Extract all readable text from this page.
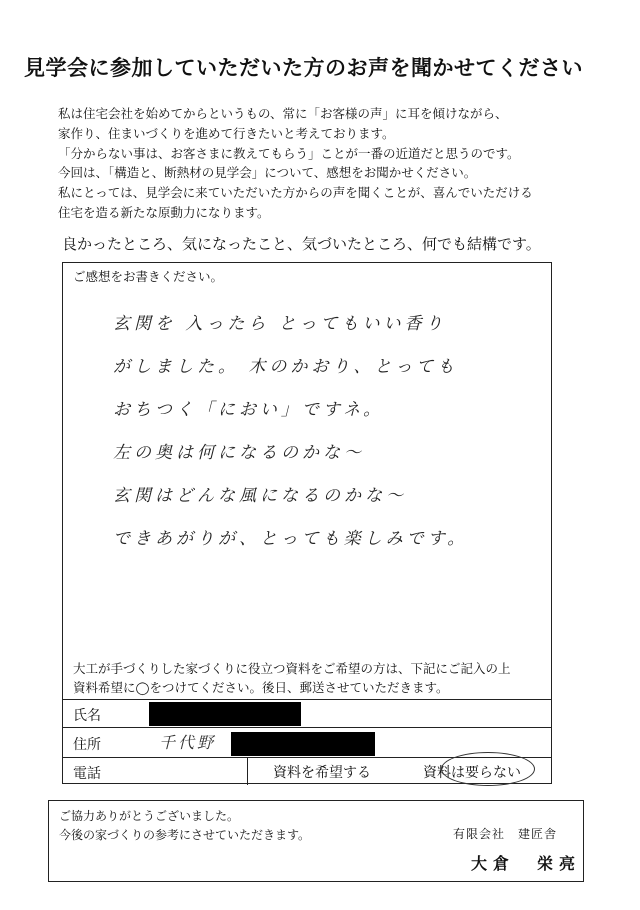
見学会に参加していただいた方のお声を聞かせてください
私は住宅会社を始めてからというもの、常に「お客様の声」に耳を傾けながら、
家作り、住まいづくりを進めて行きたいと考えております。
「分からない事は、お客さまに教えてもらう」ことが一番の近道だと思うのです。
今回は、「構造と、断熱材の見学会」について、感想をお聞かせください。
私にとっては、見学会に来ていただいた方からの声を聞くことが、喜んでいただける
住宅を造る新たな原動力になります。
良かったところ、気になったこと、気づいたところ、何でも結構です。
ご感想をお書きください。
玄関を 入ったら とってもいい香り
がしました。 木のかおり、とっても
おちつく「におい」ですネ。
左の奥は何になるのかな〜
玄関はどんな風になるのかな〜
できあがりが、とっても楽しみです。
大工が手づくりした家づくりに役立つ資料をご希望の方は、下記にご記入の上
資料希望に◯をつけてください。後日、郵送させていただきます。
氏名
住所	千代野
電話	資料を希望する	資料は要らない
ご協力ありがとうございました。
今後の家づくりの参考にさせていただきます。	有限会社　建匠舎
大倉　栄亮
